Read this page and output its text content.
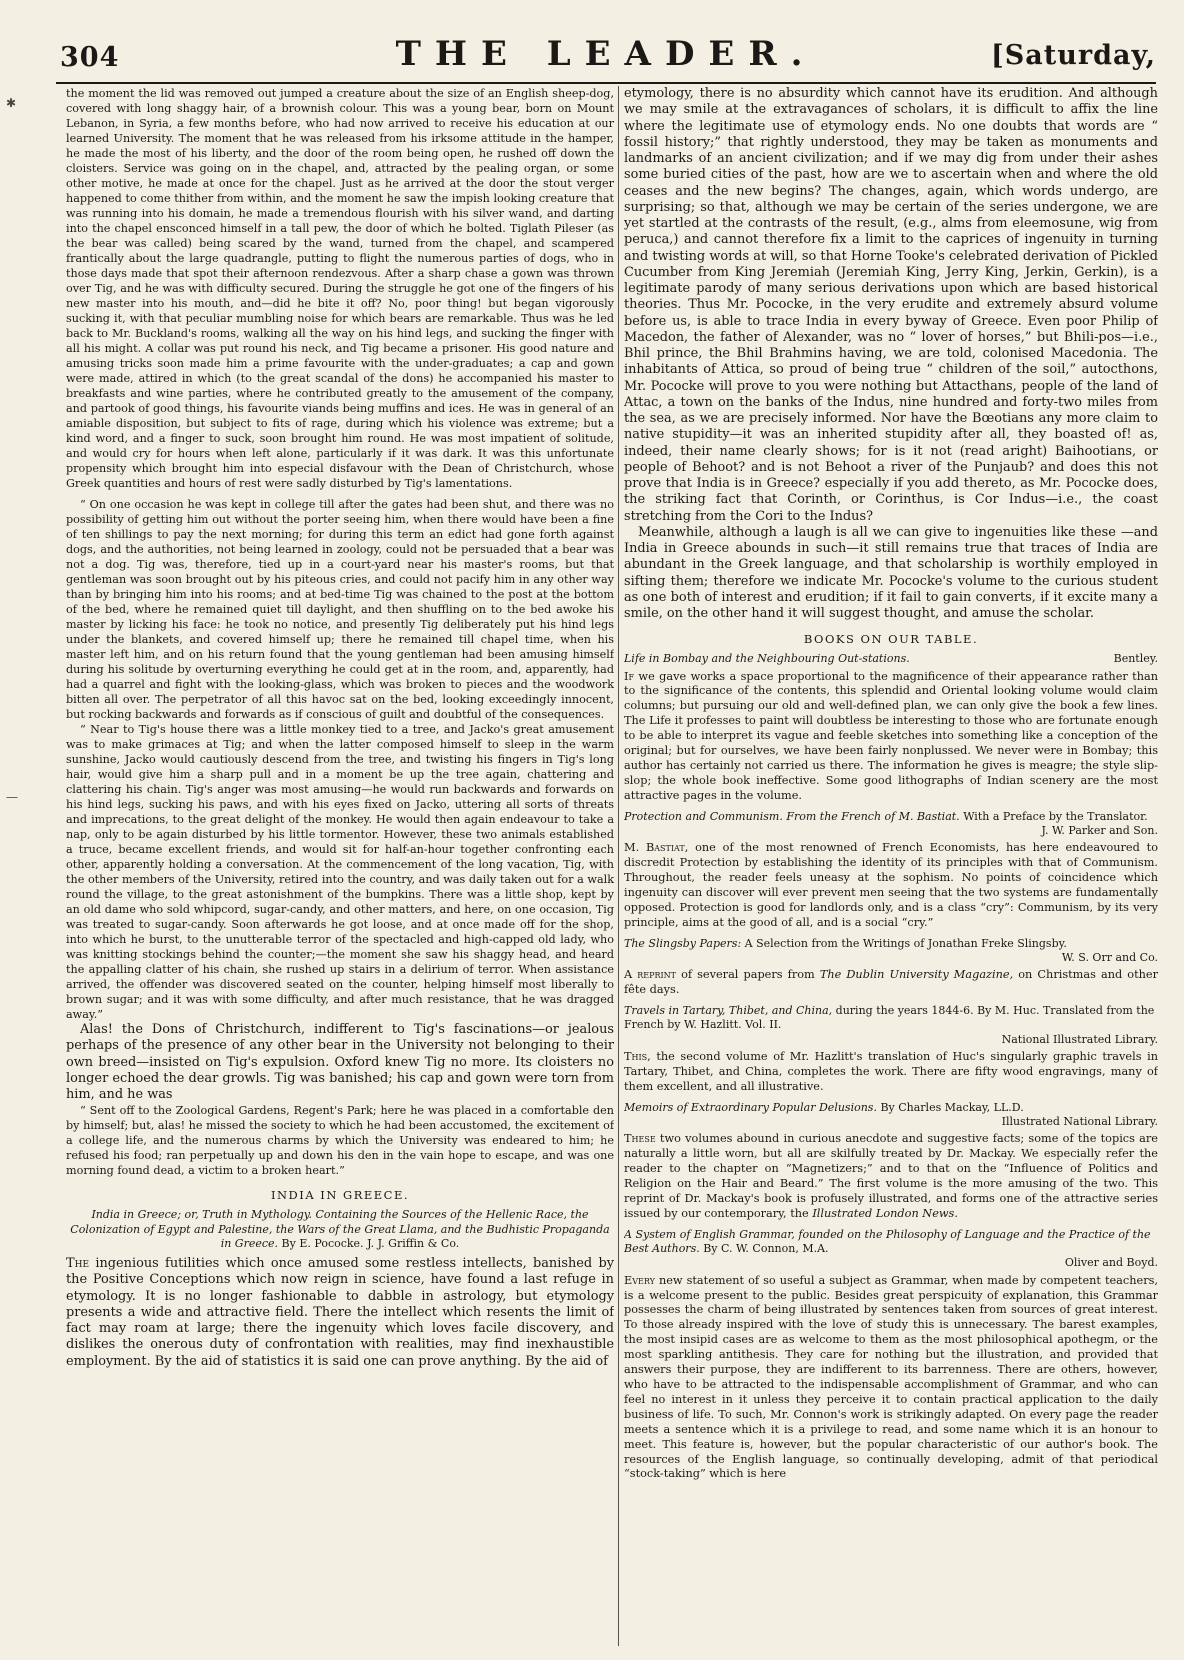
304	THE LEADER.	[Saturday,
✱
—

the moment the lid was removed out jumped a creature about the size of an English sheep-dog, covered with long shaggy hair, of a brownish colour. This was a young bear, born on Mount Lebanon, in Syria, a few months before, who had now arrived to receive his education at our learned University. The moment that he was released from his irksome attitude in the hamper, he made the most of his liberty, and the door of the room being open, he rushed off down the cloisters. Service was going on in the chapel, and, attracted by the pealing organ, or some other motive, he made at once for the chapel. Just as he arrived at the door the stout verger happened to come thither from within, and the moment he saw the impish looking creature that was running into his domain, he made a tremendous flourish with his silver wand, and darting into the chapel ensconced himself in a tall pew, the door of which he bolted. Tiglath Pileser (as the bear was called) being scared by the wand, turned from the chapel, and scampered frantically about the large quadrangle, putting to flight the numerous parties of dogs, who in those days made that spot their afternoon rendezvous. After a sharp chase a gown was thrown over Tig, and he was with difficulty secured. During the struggle he got one of the fingers of his new master into his mouth, and—did he bite it off? No, poor thing! but began vigorously sucking it, with that peculiar mumbling noise for which bears are remarkable. Thus was he led back to Mr. Buckland's rooms, walking all the way on his hind legs, and sucking the finger with all his might. A collar was put round his neck, and Tig became a prisoner. His good nature and amusing tricks soon made him a prime favourite with the under-graduates; a cap and gown were made, attired in which (to the great scandal of the dons) he accompanied his master to breakfasts and wine parties, where he contributed greatly to the amusement of the company, and partook of good things, his favourite viands being muffins and ices. He was in general of an amiable disposition, but subject to fits of rage, during which his violence was extreme; but a kind word, and a finger to suck, soon brought him round. He was most impatient of solitude, and would cry for hours when left alone, particularly if it was dark. It was this unfortunate propensity which brought him into especial disfavour with the Dean of Christchurch, whose Greek quantities and hours of rest were sadly disturbed by Tig's lamentations.

“ On one occasion he was kept in college till after the gates had been shut, and there was no possibility of getting him out without the porter seeing him, when there would have been a fine of ten shillings to pay the next morning; for during this term an edict had gone forth against dogs, and the authorities, not being learned in zoology, could not be persuaded that a bear was not a dog. Tig was, therefore, tied up in a court-yard near his master's rooms, but that gentleman was soon brought out by his piteous cries, and could not pacify him in any other way than by bringing him into his rooms; and at bed-time Tig was chained to the post at the bottom of the bed, where he remained quiet till daylight, and then shuffling on to the bed awoke his master by licking his face: he took no notice, and presently Tig deliberately put his hind legs under the blankets, and covered himself up; there he remained till chapel time, when his master left him, and on his return found that the young gentleman had been amusing himself during his solitude by overturning everything he could get at in the room, and, apparently, had had a quarrel and fight with the looking-glass, which was broken to pieces and the woodwork bitten all over. The perpetrator of all this havoc sat on the bed, looking exceedingly innocent, but rocking backwards and forwards as if conscious of guilt and doubtful of the consequences.

“ Near to Tig's house there was a little monkey tied to a tree, and Jacko's great amusement was to make grimaces at Tig; and when the latter composed himself to sleep in the warm sunshine, Jacko would cautiously descend from the tree, and twisting his fingers in Tig's long hair, would give him a sharp pull and in a moment be up the tree again, chattering and clattering his chain. Tig's anger was most amusing—he would run backwards and forwards on his hind legs, sucking his paws, and with his eyes fixed on Jacko, uttering all sorts of threats and imprecations, to the great delight of the monkey. He would then again endeavour to take a nap, only to be again disturbed by his little tormentor. However, these two animals established a truce, became excellent friends, and would sit for half-an-hour together confronting each other, apparently holding a conversation. At the commencement of the long vacation, Tig, with the other members of the University, retired into the country, and was daily taken out for a walk round the village, to the great astonishment of the bumpkins. There was a little shop, kept by an old dame who sold whipcord, sugar-candy, and other matters, and here, on one occasion, Tig was treated to sugar-candy. Soon afterwards he got loose, and at once made off for the shop, into which he burst, to the unutterable terror of the spectacled and high-capped old lady, who was knitting stockings behind the counter;—the moment she saw his shaggy head, and heard the appalling clatter of his chain, she rushed up stairs in a delirium of terror. When assistance arrived, the offender was discovered seated on the counter, helping himself most liberally to brown sugar; and it was with some difficulty, and after much resistance, that he was dragged away.”

Alas! the Dons of Christchurch, indifferent to Tig's fascinations—or jealous perhaps of the presence of any other bear in the University not belonging to their own breed—insisted on Tig's expulsion. Oxford knew Tig no more. Its cloisters no longer echoed the dear growls. Tig was banished; his cap and gown were torn from him, and he was

“ Sent off to the Zoological Gardens, Regent's Park; here he was placed in a comfortable den by himself; but, alas! he missed the society to which he had been accustomed, the excitement of a college life, and the numerous charms by which the University was endeared to him; he refused his food; ran perpetually up and down his den in the vain hope to escape, and was one morning found dead, a victim to a broken heart.”

INDIA IN GREECE.
India in Greece; or, Truth in Mythology. Containing the Sources of the Hellenic Race, the Colonization of Egypt and Palestine, the Wars of the Great Llama, and the Budhistic Propaganda in Greece. By E. Pococke. J. J. Griffin & Co.

The ingenious futilities which once amused some restless intellects, banished by the Positive Conceptions which now reign in science, have found a last refuge in etymology. It is no longer fashionable to dabble in astrology, but etymology presents a wide and attractive field. There the intellect which resents the limit of fact may roam at large; there the ingenuity which loves facile discovery, and dislikes the onerous duty of confrontation with realities, may find inexhaustible employment. By the aid of statistics it is said one can prove anything. By the aid of

etymology, there is no absurdity which cannot have its erudition. And although we may smile at the extravagances of scholars, it is difficult to affix the line where the legitimate use of etymology ends. No one doubts that words are “ fossil history;” that rightly understood, they may be taken as monuments and landmarks of an ancient civilization; and if we may dig from under their ashes some buried cities of the past, how are we to ascertain when and where the old ceases and the new begins? The changes, again, which words undergo, are surprising; so that, although we may be certain of the series undergone, we are yet startled at the contrasts of the result, (e.g., alms from eleemosune, wig from peruca,) and cannot therefore fix a limit to the caprices of ingenuity in turning and twisting words at will, so that Horne Tooke's celebrated derivation of Pickled Cucumber from King Jeremiah (Jeremiah King, Jerry King, Jerkin, Gerkin), is a legitimate parody of many serious derivations upon which are based historical theories. Thus Mr. Pococke, in the very erudite and extremely absurd volume before us, is able to trace India in every byway of Greece. Even poor Philip of Macedon, the father of Alexander, was no “ lover of horses,” but Bhili-pos—i.e., Bhil prince, the Bhil Brahmins having, we are told, colonised Macedonia. The inhabitants of Attica, so proud of being true “ children of the soil,” autocthons, Mr. Pococke will prove to you were nothing but Attacthans, people of the land of Attac, a town on the banks of the Indus, nine hundred and forty-two miles from the sea, as we are precisely informed. Nor have the Bœotians any more claim to native stupidity—it was an inherited stupidity after all, they boasted of! as, indeed, their name clearly shows; for is it not (read aright) Baihootians, or people of Behoot? and is not Behoot a river of the Punjaub? and does this not prove that India is in Greece? especially if you add thereto, as Mr. Pococke does, the striking fact that Corinth, or Corinthus, is Cor Indus—i.e., the coast stretching from the Cori to the Indus?

Meanwhile, although a laugh is all we can give to ingenuities like these —and India in Greece abounds in such—it still remains true that traces of India are abundant in the Greek language, and that scholarship is worthily employed in sifting them; therefore we indicate Mr. Pococke's volume to the curious student as one both of interest and erudition; if it fail to gain converts, if it excite many a smile, on the other hand it will suggest thought, and amuse the scholar.

BOOKS ON OUR TABLE.
Bentley.
Life in Bombay and the Neighbouring Out-stations.

If we gave works a space proportional to the magnificence of their appearance rather than to the significance of the contents, this splendid and Oriental looking volume would claim columns; but pursuing our old and well-defined plan, we can only give the book a few lines. The Life it professes to paint will doubtless be interesting to those who are fortunate enough to be able to interpret its vague and feeble sketches into something like a conception of the original; but for ourselves, we have been fairly nonplussed. We never were in Bombay; this author has certainly not carried us there. The information he gives is meagre; the style slip-slop; the whole book ineffective. Some good lithographs of Indian scenery are the most attractive pages in the volume.

Protection and Communism. From the French of M. Bastiat. With a Preface by the Translator.
J. W. Parker and Son.

M. Bastiat, one of the most renowned of French Economists, has here endeavoured to discredit Protection by establishing the identity of its principles with that of Communism. Throughout, the reader feels uneasy at the sophism. No points of coincidence which ingenuity can discover will ever prevent men seeing that the two systems are fundamentally opposed. Protection is good for landlords only, and is a class “cry”: Communism, by its very principle, aims at the good of all, and is a social “cry.”

The Slingsby Papers: A Selection from the Writings of Jonathan Freke Slingsby.
W. S. Orr and Co.

A reprint of several papers from The Dublin University Magazine, on Christmas and other fête days.

Travels in Tartary, Thibet, and China, during the years 1844-6. By M. Huc. Translated from the French by W. Hazlitt. Vol. II.
National Illustrated Library.

This, the second volume of Mr. Hazlitt's translation of Huc's singularly graphic travels in Tartary, Thibet, and China, completes the work. There are fifty wood engravings, many of them excellent, and all illustrative.

Memoirs of Extraordinary Popular Delusions. By Charles Mackay, LL.D.
Illustrated National Library.

These two volumes abound in curious anecdote and suggestive facts; some of the topics are naturally a little worn, but all are skilfully treated by Dr. Mackay. We especially refer the reader to the chapter on “Magnetizers;” and to that on the “Influence of Politics and Religion on the Hair and Beard.” The first volume is the more amusing of the two. This reprint of Dr. Mackay's book is profusely illustrated, and forms one of the attractive series issued by our contemporary, the Illustrated London News.

A System of English Grammar, founded on the Philosophy of Language and the Practice of the Best Authors. By C. W. Connon, M.A.
Oliver and Boyd.

Every new statement of so useful a subject as Grammar, when made by competent teachers, is a welcome present to the public. Besides great perspicuity of explanation, this Grammar possesses the charm of being illustrated by sentences taken from sources of great interest. To those already inspired with the love of study this is unnecessary. The barest examples, the most insipid cases are as welcome to them as the most philosophical apothegm, or the most sparkling antithesis. They care for nothing but the illustration, and provided that answers their purpose, they are indifferent to its barrenness. There are others, however, who have to be attracted to the indispensable accomplishment of Grammar, and who can feel no interest in it unless they perceive it to contain practical application to the daily business of life. To such, Mr. Connon's work is strikingly adapted. On every page the reader meets a sentence which it is a privilege to read, and some name which it is an honour to meet. This feature is, however, but the popular characteristic of our author's book. The resources of the English language, so continually developing, admit of that periodical “stock-taking” which is here
